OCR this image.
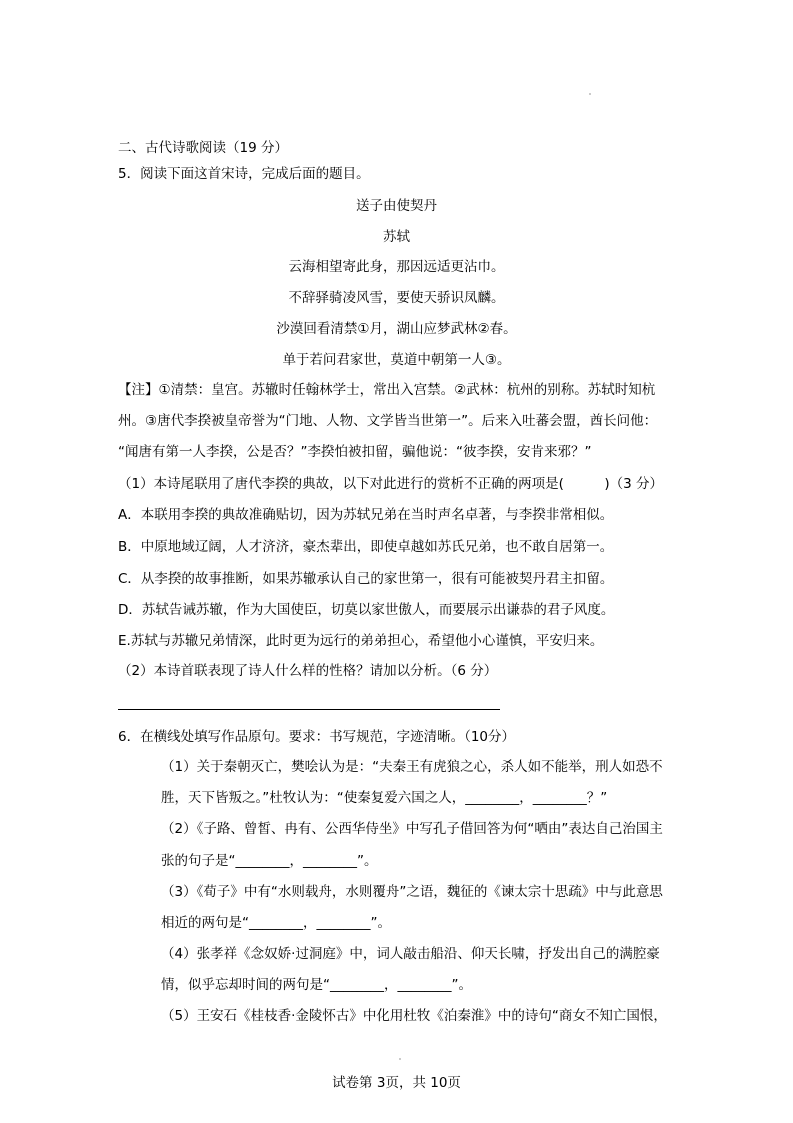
二、古代诗歌阅读（19 分）
5．阅读下面这首宋诗，完成后面的题目。
送子由使契丹
苏轼
云海相望寄此身，那因远适更沾巾。
不辞驿骑凌风雪，要使天骄识凤麟。
沙漠回看清禁①月，湖山应梦武林②春。
单于若问君家世，莫道中朝第一人③。
【注】①清禁：皇宫。苏辙时任翰林学士，常出入宫禁。②武林：杭州的别称。苏轼时知杭
州。③唐代李揆被皇帝誉为“门地、人物、文学皆当世第一”。后来入吐蕃会盟，酋长问他：
“闻唐有第一人李揆，公是否？”李揆怕被扣留，骗他说：“彼李揆，安肯来邪？”
（1）本诗尾联用了唐代李揆的典故，以下对此进行的赏析不正确的两项是(　　　)（3 分）
A．本联用李揆的典故准确贴切，因为苏轼兄弟在当时声名卓著，与李揆非常相似。
B．中原地域辽阔，人才济济，豪杰辈出，即使卓越如苏氏兄弟，也不敢自居第一。
C．从李揆的故事推断，如果苏辙承认自己的家世第一，很有可能被契丹君主扣留。
D．苏轼告诫苏辙，作为大国使臣，切莫以家世傲人，而要展示出谦恭的君子风度。
E.苏轼与苏辙兄弟情深，此时更为远行的弟弟担心，希望他小心谨慎，平安归来。
（2）本诗首联表现了诗人什么样的性格？请加以分析。（6 分）
6．在横线处填写作品原句。要求：书写规范，字迹清晰。（10分）
（1）关于秦朝灭亡，樊哙认为是：“夫秦王有虎狼之心，杀人如不能举，刑人如恐不
胜，天下皆叛之。”杜牧认为：“使秦复爱六国之人，________，________？”
（2）《子路、曾皙、冉有、公西华侍坐》中写孔子借回答为何“哂由”表达自己治国主
张的句子是“________，________”。
（3）《荀子》中有“水则载舟，水则覆舟”之语，魏征的《谏太宗十思疏》中与此意思
相近的两句是“________，________”。
（4）张孝祥《念奴娇·过洞庭》中，词人敲击船沿、仰天长啸，抒发出自己的满腔豪
情，似乎忘却时间的两句是“________，________”。
（5）王安石《桂枝香·金陵怀古》中化用杜牧《泊秦淮》中的诗句“商女不知亡国恨，
试卷第 3页，共 10页
